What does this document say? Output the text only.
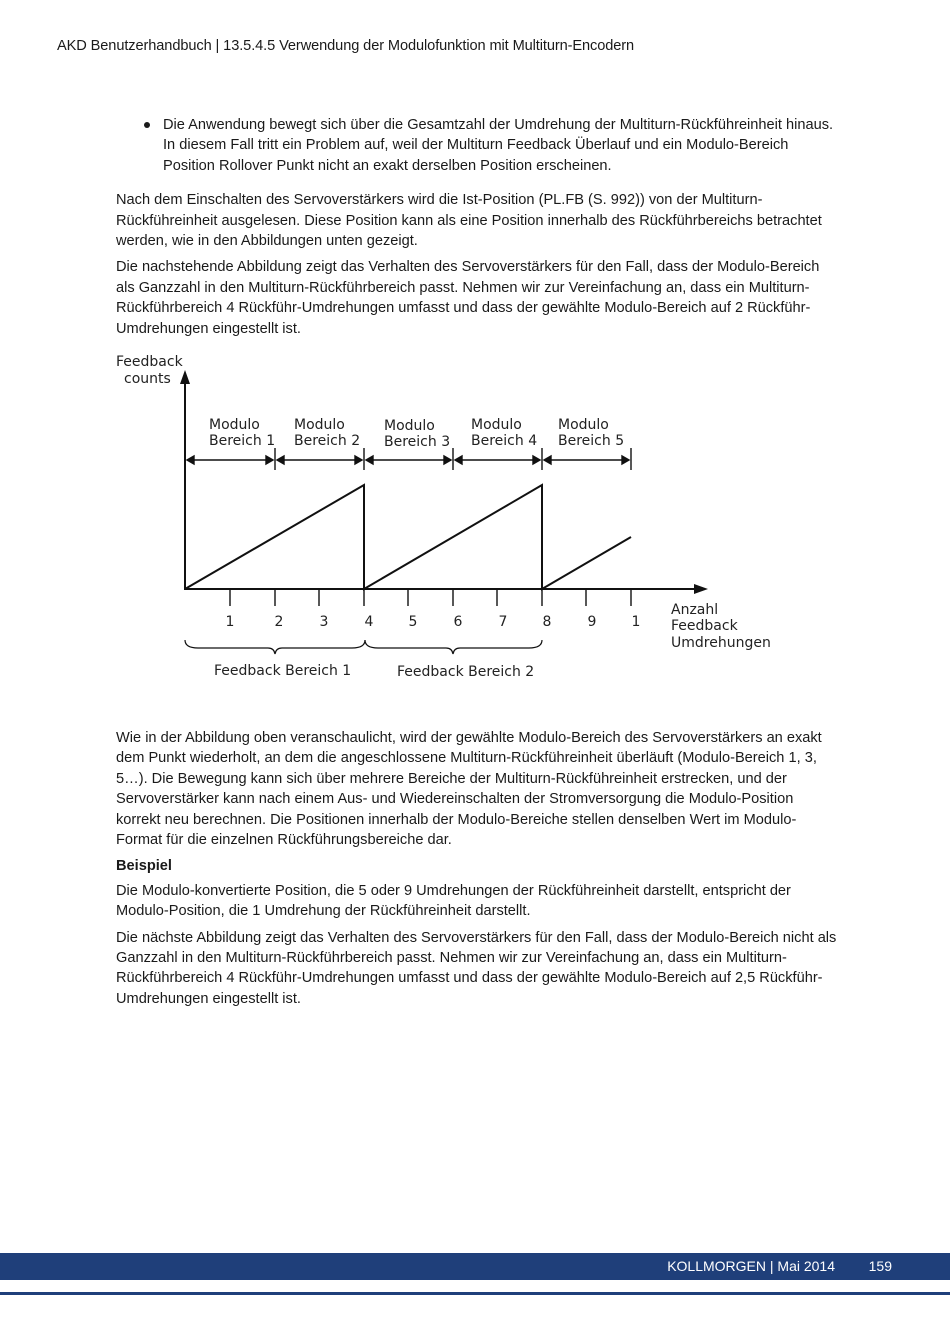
AKD Benutzerhandbuch | 13.5.4.5 Verwendung der Modulofunktion mit Multiturn-Encodern
Die Anwendung bewegt sich über die Gesamtzahl der Umdrehung der Multiturn-Rückführeinheit hinaus. In diesem Fall tritt ein Problem auf, weil der Multiturn Feedback Überlauf und ein Modulo-Bereich Position Rollover Punkt nicht an exakt derselben Position erscheinen.

Nach dem Einschalten des Servoverstärkers wird die Ist-Position (PL.FB (S. 992)) von der Multiturn-Rückführeinheit ausgelesen. Diese Position kann als eine Position innerhalb des Rückführbereichs betrachtet werden, wie in den Abbildungen unten gezeigt.

Die nachstehende Abbildung zeigt das Verhalten des Servoverstärkers für den Fall, dass der Modulo-Bereich als Ganzzahl in den Multiturn-Rückführbereich passt. Nehmen wir zur Vereinfachung an, dass ein Multiturn-Rückführbereich 4 Rückführ-Umdrehungen umfasst und dass der gewählte Modulo-Bereich auf 2 Rückführ-Umdrehungen eingestellt ist.

Feedback
counts
Anzahl
Feedback
Umdrehungen
Modulo
Bereich 1
Modulo
Bereich 2
Modulo
Bereich 3
Modulo
Bereich 4
Modulo
Bereich 5
1	2	3	4	5	6	7	8	9	1
Feedback Bereich 1	Feedback Bereich 2

Wie in der Abbildung oben veranschaulicht, wird der gewählte Modulo-Bereich des Servoverstärkers an exakt dem Punkt wiederholt, an dem die angeschlossene Multiturn-Rückführeinheit überläuft (Modulo-Bereich 1, 3, 5…). Die Bewegung kann sich über mehrere Bereiche der Multiturn-Rückführeinheit erstrecken, und der Servoverstärker kann nach einem Aus- und Wiedereinschalten der Stromversorgung die Modulo-Position korrekt neu berechnen. Die Positionen innerhalb der Modulo-Bereiche stellen denselben Wert im Modulo-Format für die einzelnen Rückführungsbereiche dar.

Beispiel

Die Modulo-konvertierte Position, die 5 oder 9 Umdrehungen der Rückführeinheit darstellt, entspricht der Modulo-Position, die 1 Umdrehung der Rückführeinheit darstellt.

Die nächste Abbildung zeigt das Verhalten des Servoverstärkers für den Fall, dass der Modulo-Bereich nicht als Ganzzahl in den Multiturn-Rückführbereich passt. Nehmen wir zur Vereinfachung an, dass ein Multiturn-Rückführbereich 4 Rückführ-Umdrehungen umfasst und dass der gewählte Modulo-Bereich auf 2,5 Rückführ-Umdrehungen eingestellt ist.

KOLLMORGEN | Mai 2014 159
